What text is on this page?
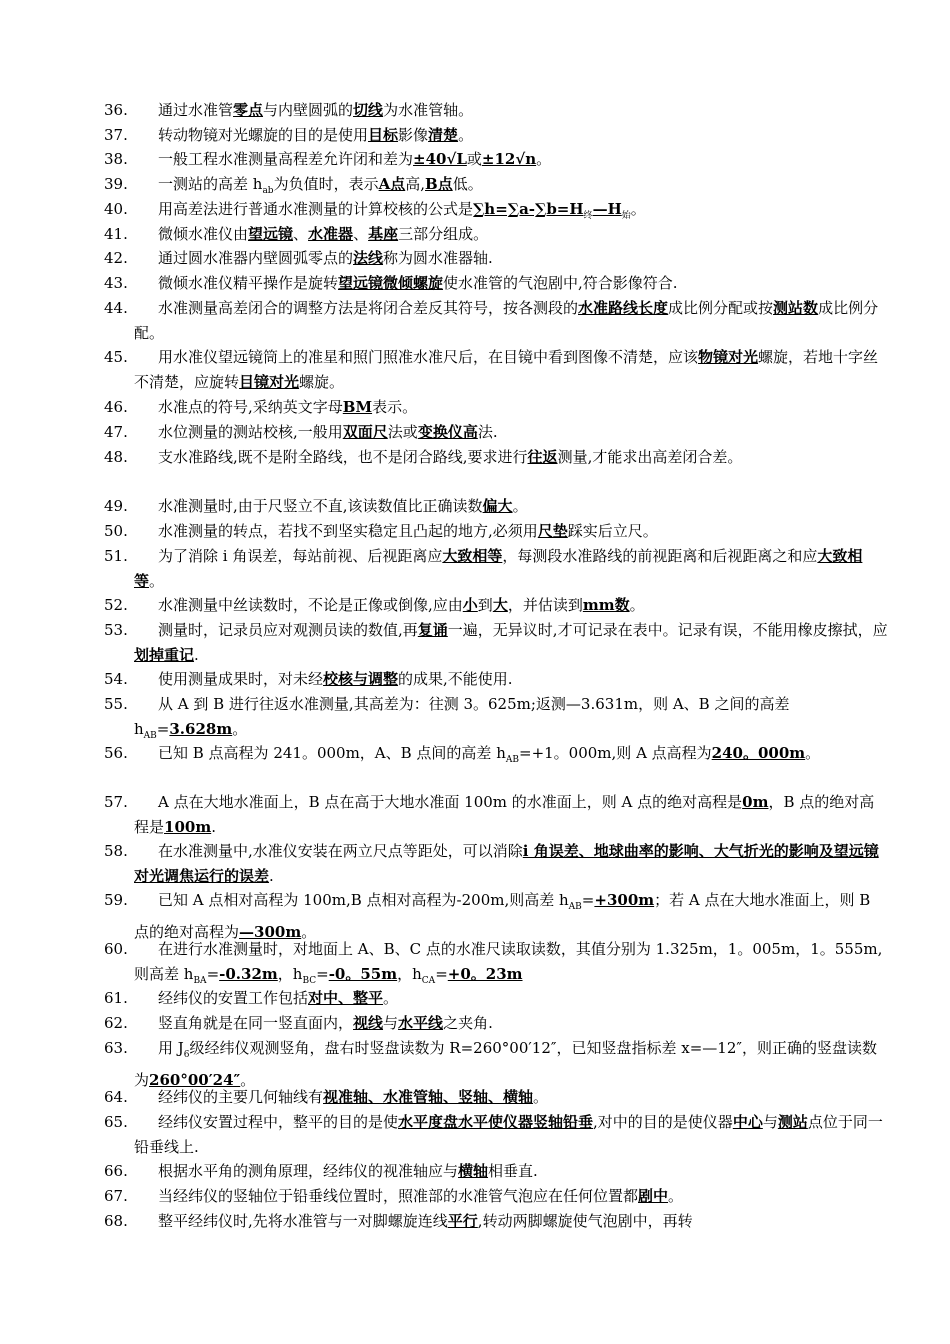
36. 通过水准管零点与内壁圆弧的切线为水准管轴。
37. 转动物镜对光螺旋的目的是使用目标影像清楚。
38. 一般工程水准测量高程差允许闭和差为±40√L或±12√n。
39. 一测站的高差 $h_{ab}$为负值时，表示A点高,B点低。
40. 用高差法进行普通水准测量的计算校核的公式是$\sum h=\sum a-\sum b=H_终—H_始$。
41. 微倾水准仪由望远镜、水准器、基座三部分组成。
42. 通过圆水准器内壁圆弧零点的法线称为圆水准器轴.
43. 微倾水准仪精平操作是旋转望远镜微倾螺旋使水准管的气泡剧中,符合影像符合.
44. 水准测量高差闭合的调整方法是将闭合差反其符号，按各测段的水准路线长度成比例分配或按测站数成比例分配。
45. 用水准仪望远镜筒上的准星和照门照准水准尺后，在目镜中看到图像不清楚，应该物镜对光螺旋，若地十字丝不清楚，应旋转目镜对光螺旋。
46. 水准点的符号,采纳英文字母BM表示。
47. 水位测量的测站校核,一般用双面尺法或变换仪高法.
48. 支水准路线,既不是附全路线，也不是闭合路线,要求进行往返测量,才能求出高差闭合差。
49. 水准测量时,由于尺竖立不直,该读数值比正确读数偏大。
50. 水准测量的转点，若找不到坚实稳定且凸起的地方,必须用尺垫踩实后立尺。
51. 为了消除 i 角误差，每站前视、后视距离应大致相等，每测段水准路线的前视距离和后视距离之和应大致相等。
52. 水准测量中丝读数时，不论是正像或倒像,应由小到大，并估读到mm数。
53. 测量时，记录员应对观测员读的数值,再复诵一遍，无异议时,才可记录在表中。记录有误，不能用橡皮擦拭，应划掉重记.
54. 使用测量成果时，对未经校核与调整的成果,不能使用.
55. 从 A 到 B 进行往返水准测量,其高差为：往测 3。625m;返测—3.631m，则 A、B 之间的高差 $h_{AB}=3.628m$。
56. 已知 B 点高程为 241。000m，A、B 点间的高差 $h_{AB}=+1$。000m,则 A 点高程为240。000m。
57. A 点在大地水准面上，B 点在高于大地水准面 100m 的水准面上，则 A 点的绝对高程是0m，B 点的绝对高程是100m.
58. 在水准测量中,水准仪安装在两立尺点等距处，可以消除i 角误差、地球曲率的影响、大气折光的影响及望远镜对光调焦运行的误差.
59. 已知 A 点相对高程为 100m,B 点相对高程为-200m,则高差 $h_{AB}=+300m$；若 A 点在大地水准面上，则 B 点的绝对高程为—300m。
60. 在进行水准测量时，对地面上 A、B、C 点的水准尺读取读数，其值分别为 1.325m，1。005m，1。555m,则高差 $h_{BA}=-0.32m$，$h_{BC}=-0$。55m，$h_{CA}=+0$。23m
61. 经纬仪的安置工作包括对中、整平。
62. 竖直角就是在同一竖直面内，视线与水平线之夹角.
63. 用 $J_6$级经纬仪观测竖角，盘右时竖盘读数为 R=260°00′12″，已知竖盘指标差 x=—12″，则正确的竖盘读数为260°00′24″。
64. 经纬仪的主要几何轴线有视准轴、水准管轴、竖轴、横轴。
65. 经纬仪安置过程中，整平的目的是使水平度盘水平使仪器竖轴铅垂,对中的目的是使仪器中心与测站点位于同一铅垂线上.
66. 根据水平角的测角原理，经纬仪的视准轴应与横轴相垂直.
67. 当经纬仪的竖轴位于铅垂线位置时，照准部的水准管气泡应在任何位置都剧中。
68. 整平经纬仪时,先将水准管与一对脚螺旋连线平行,转动两脚螺旋使气泡剧中，再转
